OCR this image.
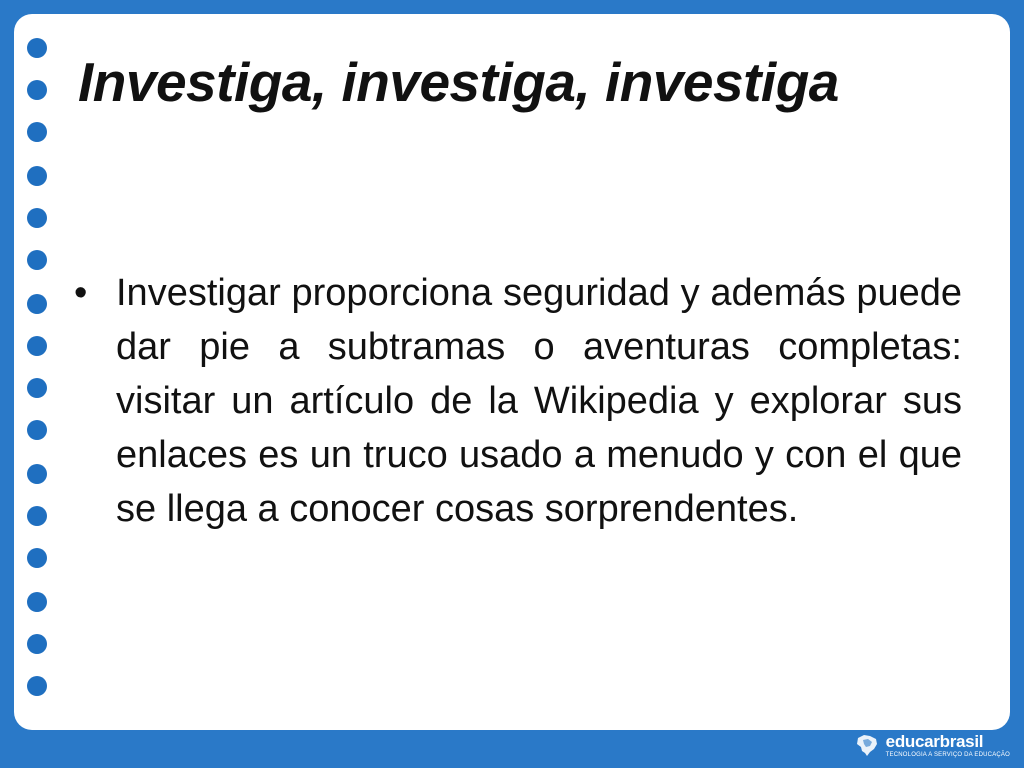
Investiga, investiga, investiga
• Investigar proporciona seguridad y además puede dar pie a subtramas o aventuras completas: visitar un artículo de la Wikipedia y explorar sus enlaces es un truco usado a menudo y con el que se llega a conocer cosas sorprendentes.

educarbrasil
TECNOLOGIA A SERVIÇO DA EDUCAÇÃO
